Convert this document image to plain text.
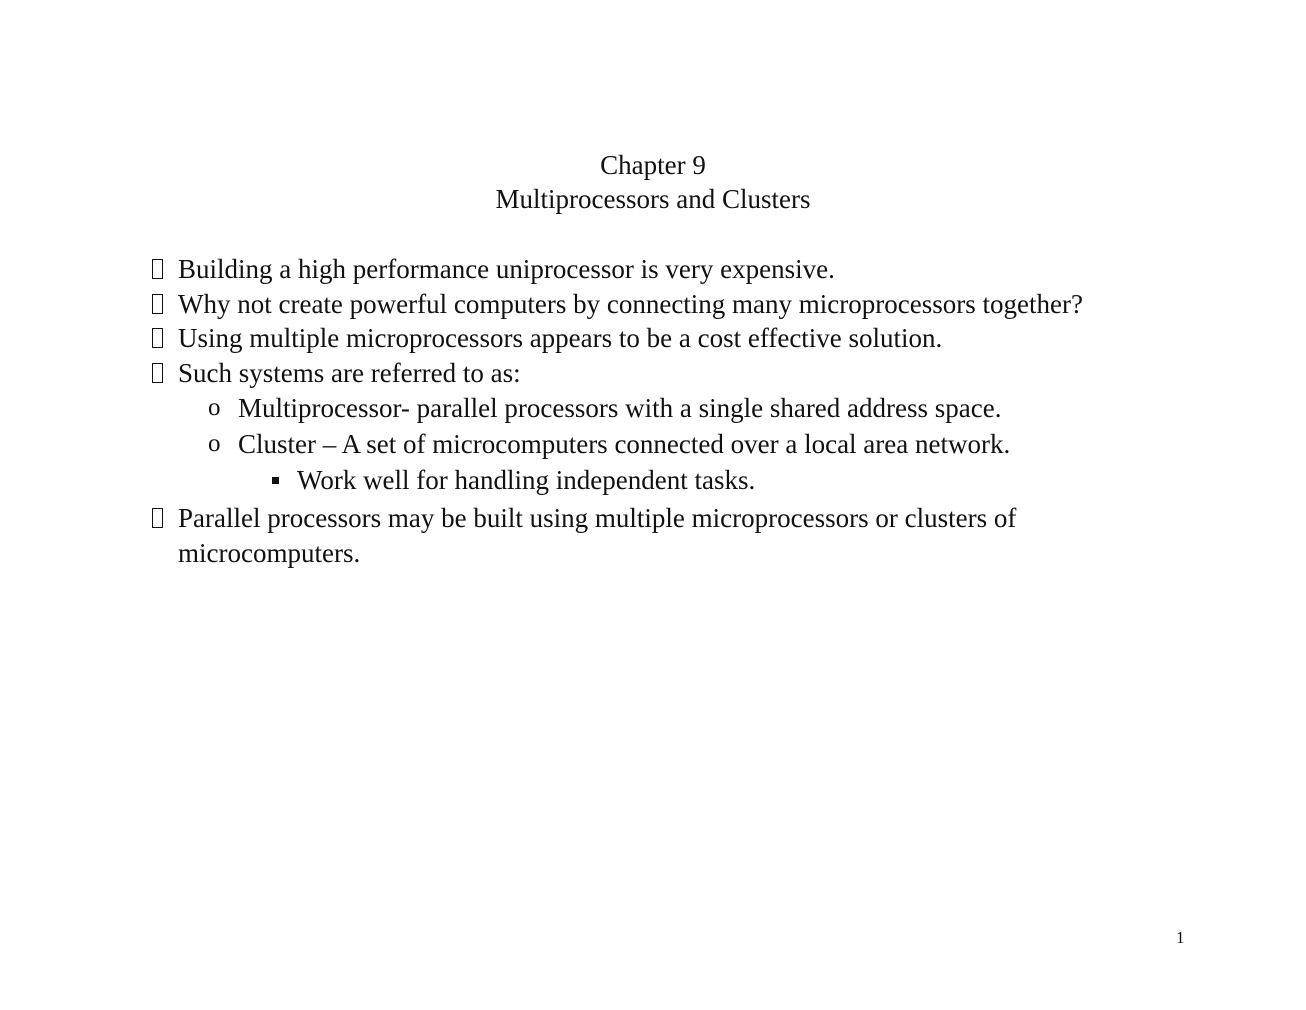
Chapter 9
Multiprocessors and Clusters
Building a high performance uniprocessor is very expensive.
Why not create powerful computers by connecting many microprocessors together?
Using multiple microprocessors appears to be a cost effective solution.
Such systems are referred to as:
o Multiprocessor- parallel processors with a single shared address space.
o Cluster – A set of microcomputers connected over a local area network.
Work well for handling independent tasks.
Parallel processors may be built using multiple microprocessors or clusters of microcomputers.
1
